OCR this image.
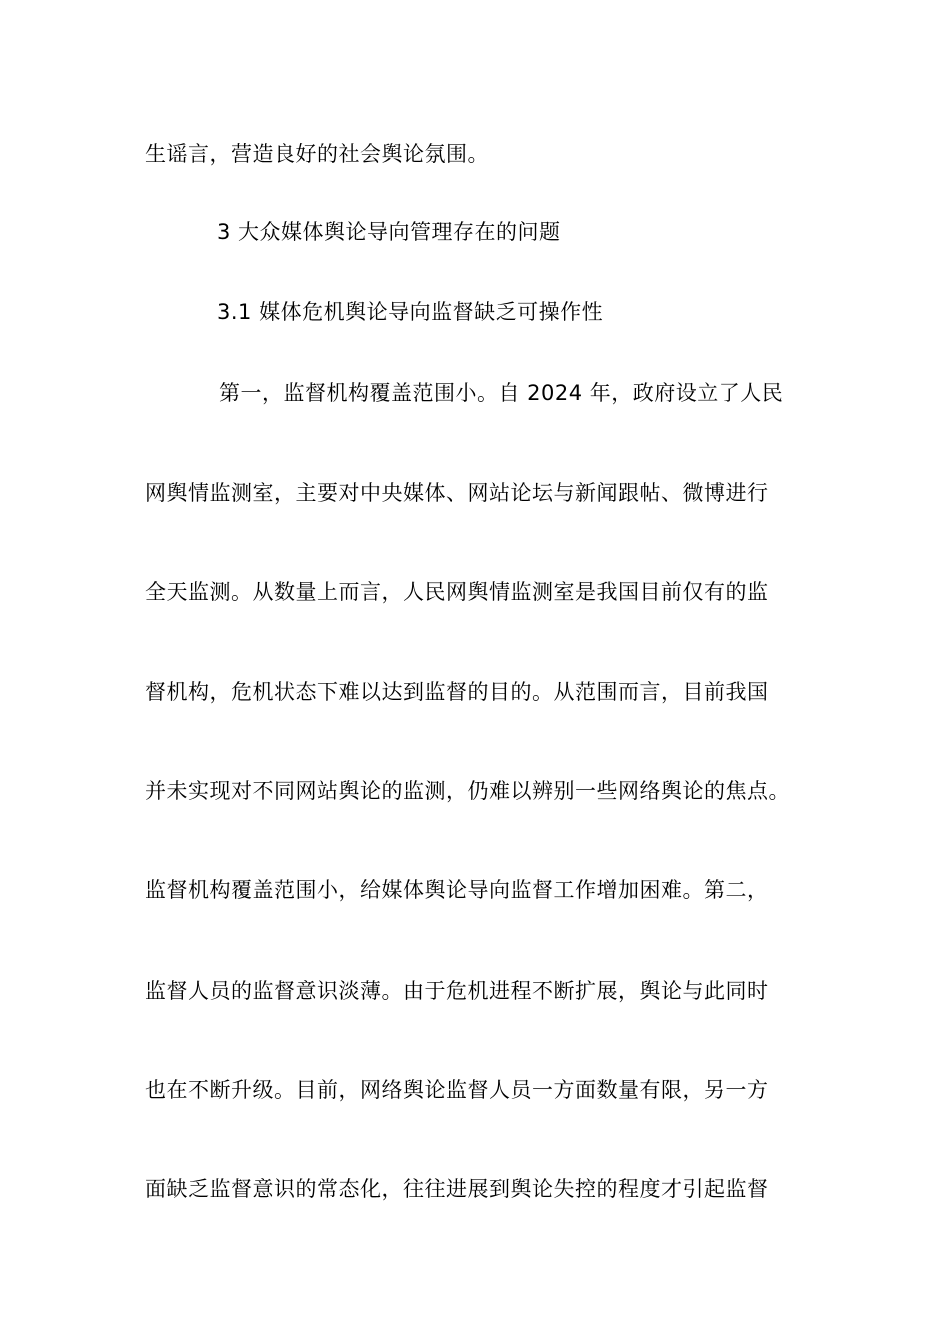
生谣言，营造良好的社会舆论氛围。
3 大众媒体舆论导向管理存在的问题
3.1 媒体危机舆论导向监督缺乏可操作性
第一，监督机构覆盖范围小。自 2024 年，政府设立了人民
网舆情监测室，主要对中央媒体、网站论坛与新闻跟帖、微博进行
全天监测。从数量上而言，人民网舆情监测室是我国目前仅有的监
督机构，危机状态下难以达到监督的目的。从范围而言，目前我国
并未实现对不同网站舆论的监测，仍难以辨别一些网络舆论的焦点。
监督机构覆盖范围小，给媒体舆论导向监督工作增加困难。第二，
监督人员的监督意识淡薄。由于危机进程不断扩展，舆论与此同时
也在不断升级。目前，网络舆论监督人员一方面数量有限，另一方
面缺乏监督意识的常态化，往往进展到舆论失控的程度才引起监督
